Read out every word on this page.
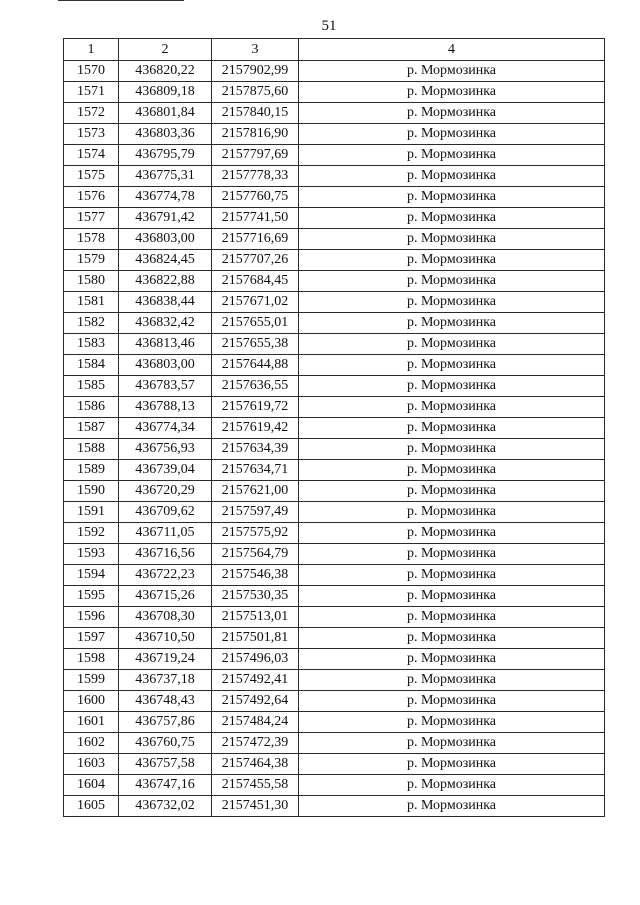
51
1	2	3	4
1570	436820,22	2157902,99	р. Мормозинка
1571	436809,18	2157875,60	р. Мормозинка
1572	436801,84	2157840,15	р. Мормозинка
1573	436803,36	2157816,90	р. Мормозинка
1574	436795,79	2157797,69	р. Мормозинка
1575	436775,31	2157778,33	р. Мормозинка
1576	436774,78	2157760,75	р. Мормозинка
1577	436791,42	2157741,50	р. Мормозинка
1578	436803,00	2157716,69	р. Мормозинка
1579	436824,45	2157707,26	р. Мормозинка
1580	436822,88	2157684,45	р. Мормозинка
1581	436838,44	2157671,02	р. Мормозинка
1582	436832,42	2157655,01	р. Мормозинка
1583	436813,46	2157655,38	р. Мормозинка
1584	436803,00	2157644,88	р. Мормозинка
1585	436783,57	2157636,55	р. Мормозинка
1586	436788,13	2157619,72	р. Мормозинка
1587	436774,34	2157619,42	р. Мормозинка
1588	436756,93	2157634,39	р. Мормозинка
1589	436739,04	2157634,71	р. Мормозинка
1590	436720,29	2157621,00	р. Мормозинка
1591	436709,62	2157597,49	р. Мормозинка
1592	436711,05	2157575,92	р. Мормозинка
1593	436716,56	2157564,79	р. Мормозинка
1594	436722,23	2157546,38	р. Мормозинка
1595	436715,26	2157530,35	р. Мормозинка
1596	436708,30	2157513,01	р. Мормозинка
1597	436710,50	2157501,81	р. Мормозинка
1598	436719,24	2157496,03	р. Мормозинка
1599	436737,18	2157492,41	р. Мормозинка
1600	436748,43	2157492,64	р. Мормозинка
1601	436757,86	2157484,24	р. Мормозинка
1602	436760,75	2157472,39	р. Мормозинка
1603	436757,58	2157464,38	р. Мормозинка
1604	436747,16	2157455,58	р. Мормозинка
1605	436732,02	2157451,30	р. Мормозинка
